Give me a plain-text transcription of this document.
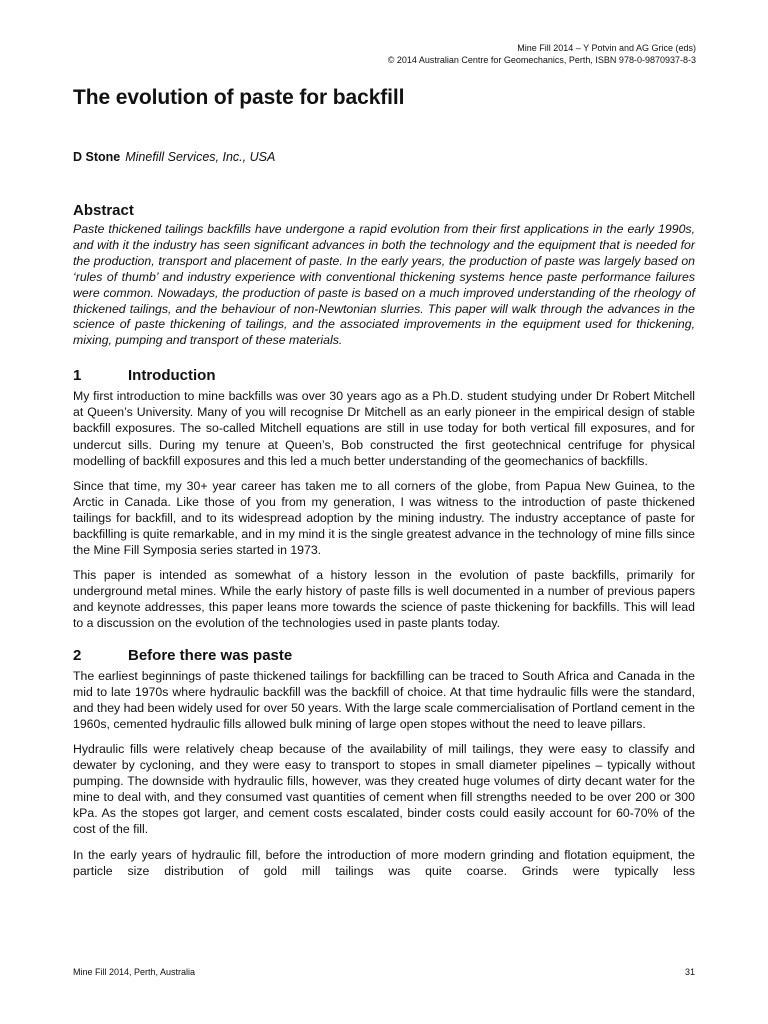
Mine Fill 2014 – Y Potvin and AG Grice (eds)
© 2014 Australian Centre for Geomechanics, Perth, ISBN 978-0-9870937-8-3
The evolution of paste for backfill
D Stone Minefill Services, Inc., USA
Abstract

Paste thickened tailings backfills have undergone a rapid evolution from their first applications in the early 1990s, and with it the industry has seen significant advances in both the technology and the equipment that is needed for the production, transport and placement of paste. In the early years, the production of paste was largely based on ‘rules of thumb’ and industry experience with conventional thickening systems hence paste performance failures were common. Nowadays, the production of paste is based on a much improved understanding of the rheology of thickened tailings, and the behaviour of non-Newtonian slurries. This paper will walk through the advances in the science of paste thickening of tailings, and the associated improvements in the equipment used for thickening, mixing, pumping and transport of these materials.

1	Introduction

My first introduction to mine backfills was over 30 years ago as a Ph.D. student studying under Dr Robert Mitchell at Queen’s University. Many of you will recognise Dr Mitchell as an early pioneer in the empirical design of stable backfill exposures. The so-called Mitchell equations are still in use today for both vertical fill exposures, and for undercut sills. During my tenure at Queen’s, Bob constructed the first geotechnical centrifuge for physical modelling of backfill exposures and this led a much better understanding of the geomechanics of backfills.

Since that time, my 30+ year career has taken me to all corners of the globe, from Papua New Guinea, to the Arctic in Canada. Like those of you from my generation, I was witness to the introduction of paste thickened tailings for backfill, and to its widespread adoption by the mining industry. The industry acceptance of paste for backfilling is quite remarkable, and in my mind it is the single greatest advance in the technology of mine fills since the Mine Fill Symposia series started in 1973.

This paper is intended as somewhat of a history lesson in the evolution of paste backfills, primarily for underground metal mines. While the early history of paste fills is well documented in a number of previous papers and keynote addresses, this paper leans more towards the science of paste thickening for backfills. This will lead to a discussion on the evolution of the technologies used in paste plants today.

2	Before there was paste

The earliest beginnings of paste thickened tailings for backfilling can be traced to South Africa and Canada in the mid to late 1970s where hydraulic backfill was the backfill of choice. At that time hydraulic fills were the standard, and they had been widely used for over 50 years. With the large scale commercialisation of Portland cement in the 1960s, cemented hydraulic fills allowed bulk mining of large open stopes without the need to leave pillars.

Hydraulic fills were relatively cheap because of the availability of mill tailings, they were easy to classify and dewater by cycloning, and they were easy to transport to stopes in small diameter pipelines – typically without pumping. The downside with hydraulic fills, however, was they created huge volumes of dirty decant water for the mine to deal with, and they consumed vast quantities of cement when fill strengths needed to be over 200 or 300 kPa. As the stopes got larger, and cement costs escalated, binder costs could easily account for 60-70% of the cost of the fill.

In the early years of hydraulic fill, before the introduction of more modern grinding and flotation equipment, the particle size distribution of gold mill tailings was quite coarse. Grinds were typically less

Mine Fill 2014, Perth, Australia	31
